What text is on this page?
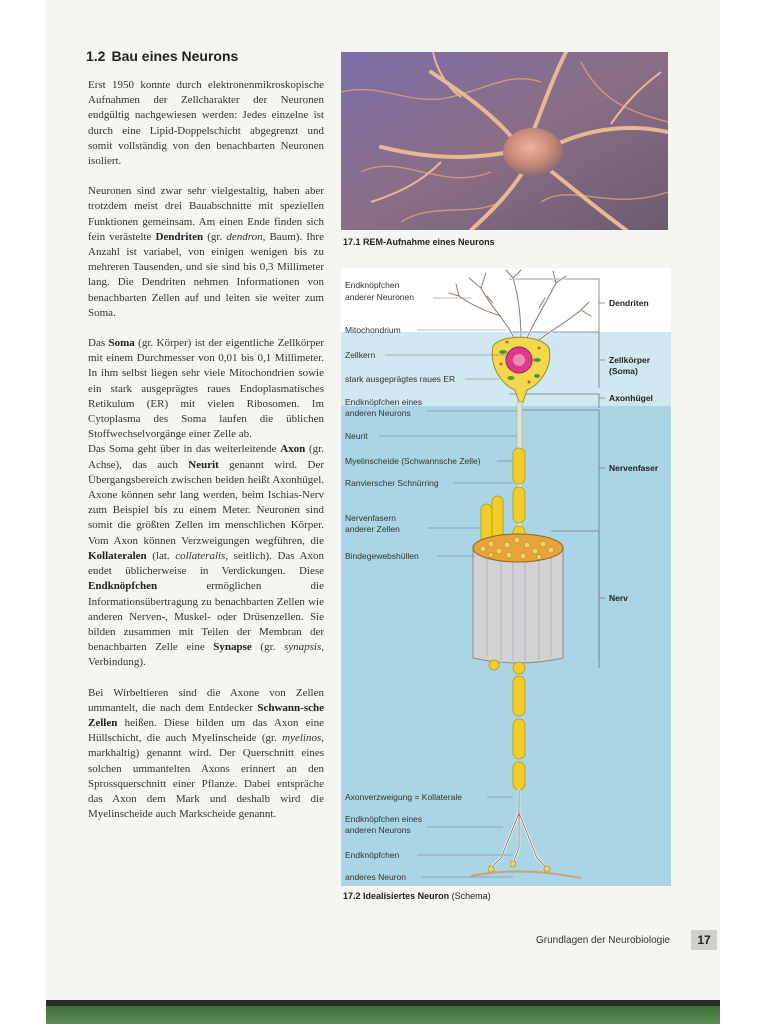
1.2 Bau eines Neurons

Erst 1950 konnte durch elektronenmikroskopische Aufnahmen der Zellcharakter der Neuronen endgültig nachgewiesen werden: Jedes einzelne ist durch eine Lipid-Doppelschicht abgegrenzt und somit vollständig von den benachbarten Neuronen isoliert.

Neuronen sind zwar sehr vielgestaltig, haben aber trotzdem meist drei Bauabschnitte mit speziellen Funktionen gemeinsam. Am einen Ende finden sich fein verästelte Dendriten (gr. dendron, Baum). Ihre Anzahl ist variabel, von einigen wenigen bis zu mehreren Tausenden, und sie sind bis 0,3 Millimeter lang. Die Dendriten nehmen Informationen von benachbarten Zellen auf und leiten sie weiter zum Soma.

Das Soma (gr. Körper) ist der eigentliche Zellkörper mit einem Durchmesser von 0,01 bis 0,1 Millimeter. In ihm selbst liegen sehr viele Mitochondrien sowie ein stark ausgeprägtes raues Endoplasmatisches Retikulum (ER) mit vielen Ribosomen. Im Cytoplasma des Soma laufen die üblichen Stoffwechselvorgänge einer Zelle ab.

Das Soma geht über in das weiterleitende Axon (gr. Achse), das auch Neurit genannt wird. Der Übergangsbereich zwischen beiden heißt Axonhügel. Axone können sehr lang werden, beim Ischias-Nerv zum Beispiel bis zu einem Meter. Neuronen sind somit die größten Zellen im menschlichen Körper. Vom Axon können Verzweigungen wegführen, die Kollateralen (lat. collateralis, seitlich). Das Axon endet üblicherweise in Verdickungen. Diese Endknöpfchen ermöglichen die Informationsübertragung zu benachbarten Zellen wie anderen Nerven-, Muskel- oder Drüsenzellen. Sie bilden zusammen mit Teilen der Membran der benachbarten Zelle eine Synapse (gr. synapsis, Verbindung).

Bei Wirbeltieren sind die Axone von Zellen ummantelt, die nach dem Entdecker Schwann-sche Zellen heißen. Diese bilden um das Axon eine Hüllschicht, die auch Myelinscheide (gr. myelinos, markhaltig) genannt wird. Der Querschnitt eines solchen ummantelten Axons erinnert an den Sprossquerschnitt einer Pflanze. Dabei entspräche das Axon dem Mark und deshalb wird die Myelinscheide auch Markscheide genannt.

17.1 REM-Aufnahme eines Neurons
Endknöpfchen
anderer Neuronen
Mitochondrium
Zellkern
stark ausgeprägtes raues ER
Endknöpfchen eines
anderen Neurons
Neurit
Myelinscheide (Schwannsche Zelle)
Ranvierscher Schnürring
Nervenfasern
anderer Zellen
Bindegewebshüllen
Axonverzweigung = Kollaterale
Endknöpfchen eines
anderen Neurons
Endknöpfchen
anderes Neuron
Dendriten
Zellkörper
(Soma)
Axonhügel
Nervenfaser
Nerv
17.2 Idealisiertes Neuron (Schema)
Grundlagen der Neurobiologie	17
